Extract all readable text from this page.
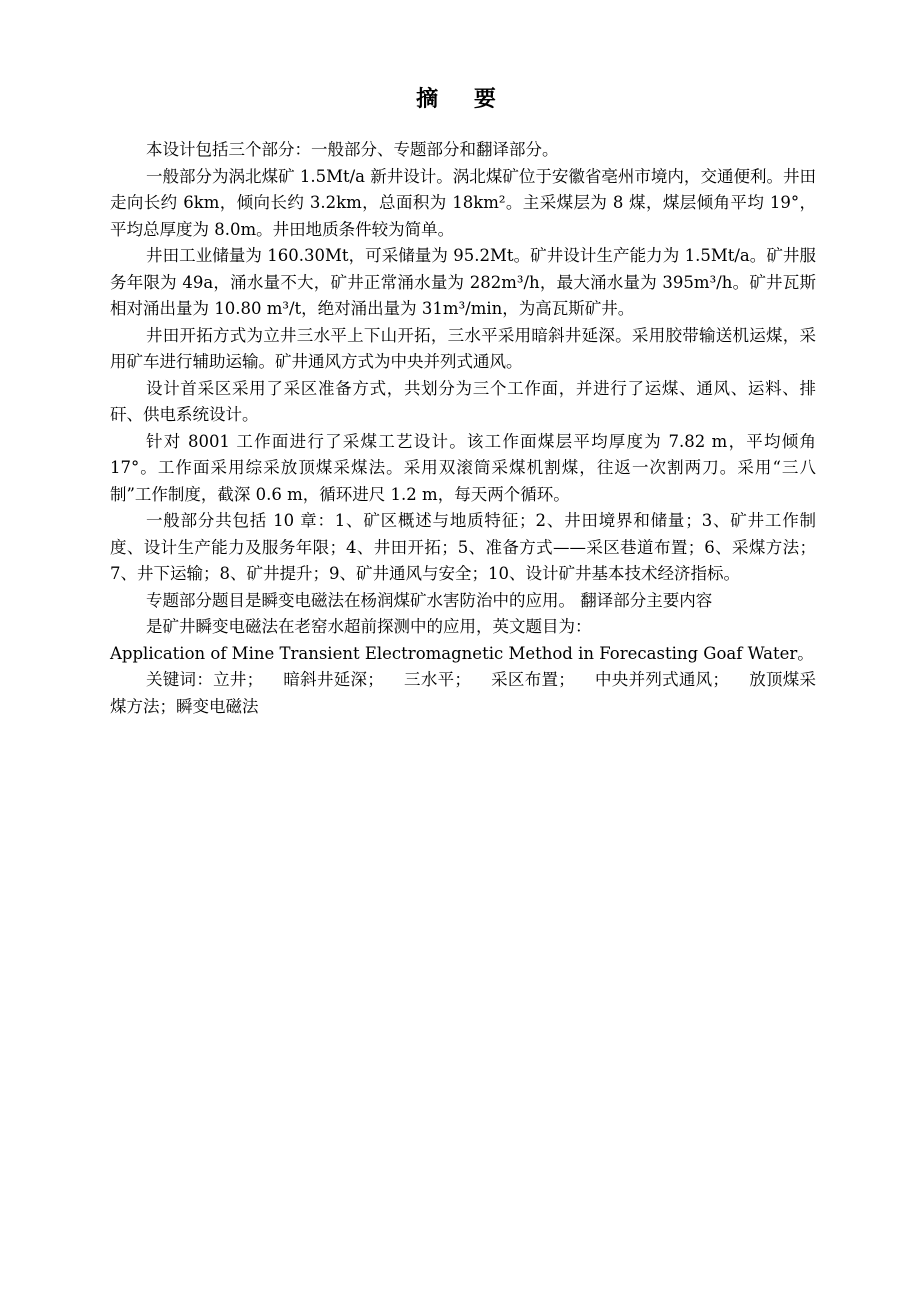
摘 要

本设计包括三个部分：一般部分、专题部分和翻译部分。

一般部分为涡北煤矿 1.5Mt/a 新井设计。涡北煤矿位于安徽省亳州市境内，交通便利。井田走向长约 6km，倾向长约 3.2km，总面积为 18km²。主采煤层为 8 煤，煤层倾角平均 19°，平均总厚度为 8.0m。井田地质条件较为简单。

井田工业储量为 160.30Mt，可采储量为 95.2Mt。矿井设计生产能力为 1.5Mt/a。矿井服务年限为 49a，涌水量不大，矿井正常涌水量为 282m³/h，最大涌水量为 395m³/h。矿井瓦斯相对涌出量为 10.80 m³/t，绝对涌出量为 31m³/min，为高瓦斯矿井。

井田开拓方式为立井三水平上下山开拓，三水平采用暗斜井延深。采用胶带输送机运煤，采用矿车进行辅助运输。矿井通风方式为中央并列式通风。

设计首采区采用了采区准备方式，共划分为三个工作面，并进行了运煤、通风、运料、排矸、供电系统设计。

针对 8001 工作面进行了采煤工艺设计。该工作面煤层平均厚度为 7.82 m，平均倾角 17°。工作面采用综采放顶煤采煤法。采用双滚筒采煤机割煤，往返一次割两刀。采用“三八制”工作制度，截深 0.6 m，循环进尺 1.2 m，每天两个循环。

一般部分共包括 10 章：1、矿区概述与地质特征；2、井田境界和储量；3、矿井工作制度、设计生产能力及服务年限；4、井田开拓；5、准备方式——采区巷道布置；6、采煤方法； 7、井下运输；8、矿井提升；9、矿井通风与安全；10、设计矿井基本技术经济指标。

专题部分题目是瞬变电磁法在杨润煤矿水害防治中的应用。 翻译部分主要内容

是矿井瞬变电磁法在老窑水超前探测中的应用，英文题目为：

Application of Mine Transient Electromagnetic Method in Forecasting Goaf Water。

关键词：立井； 暗斜井延深； 三水平； 采区布置； 中央并列式通风； 放顶煤采煤方法；瞬变电磁法
